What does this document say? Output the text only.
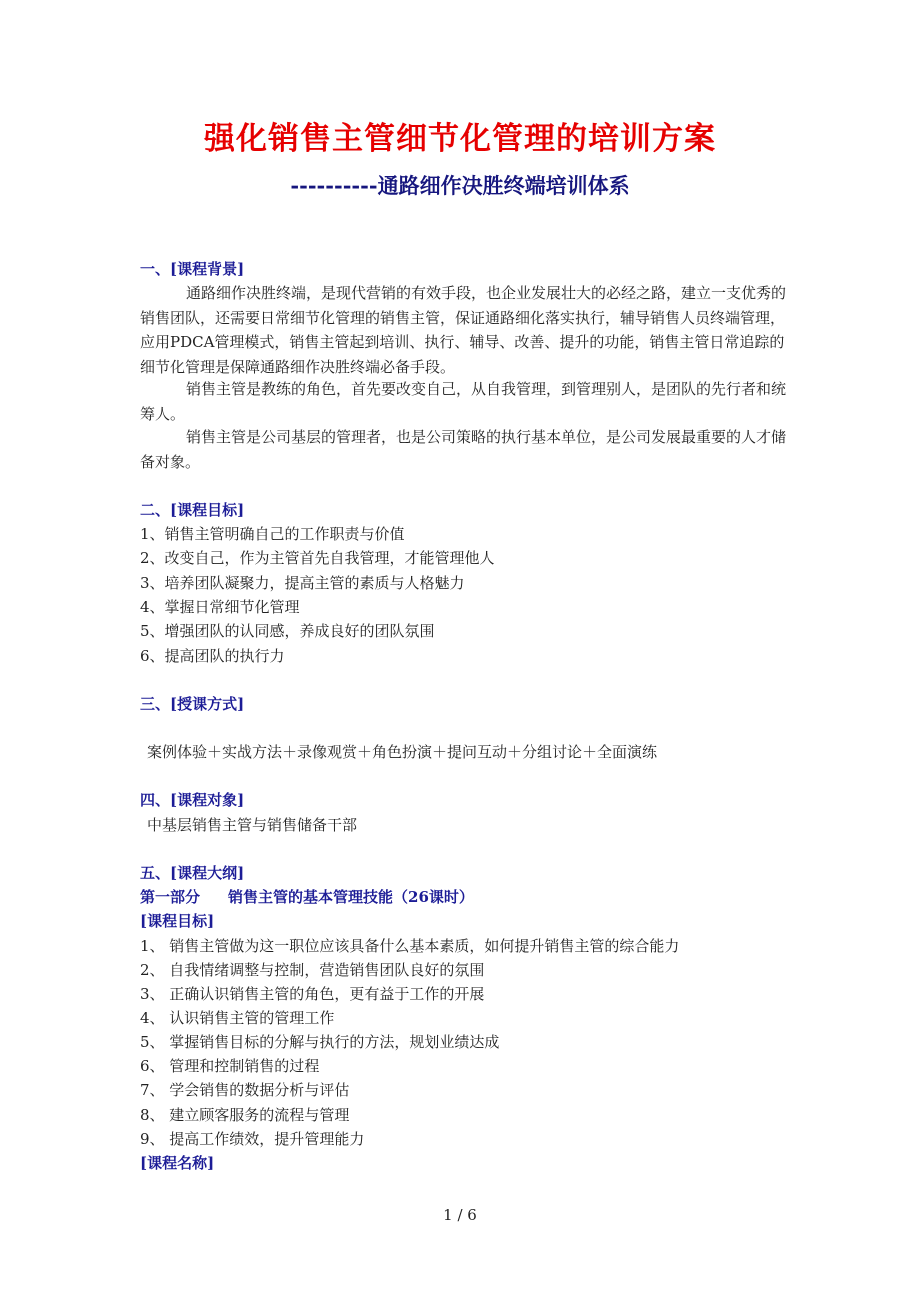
强化销售主管细节化管理的培训方案
----------通路细作决胜终端培训体系
一、[课程背景]
通路细作决胜终端，是现代营销的有效手段，也企业发展壮大的必经之路，建立一支优秀的销售团队，还需要日常细节化管理的销售主管，保证通路细化落实执行，辅导销售人员终端管理，应用PDCA管理模式，销售主管起到培训、执行、辅导、改善、提升的功能，销售主管日常追踪的细节化管理是保障通路细作决胜终端必备手段。
销售主管是教练的角色，首先要改变自己，从自我管理，到管理别人，是团队的先行者和统筹人。
销售主管是公司基层的管理者，也是公司策略的执行基本单位，是公司发展最重要的人才储备对象。
二、[课程目标]
1、销售主管明确自己的工作职责与价值
2、改变自己，作为主管首先自我管理，才能管理他人
3、培养团队凝聚力，提高主管的素质与人格魅力
4、掌握日常细节化管理
5、增强团队的认同感，养成良好的团队氛围
6、提高团队的执行力
三、[授课方式]
案例体验＋实战方法＋录像观赏＋角色扮演＋提问互动＋分组讨论＋全面演练
四、[课程对象]
中基层销售主管与销售储备干部
五、[课程大纲]
第一部分 销售主管的基本管理技能（26课时）
[课程目标]
1、 销售主管做为这一职位应该具备什么基本素质，如何提升销售主管的综合能力
2、 自我情绪调整与控制，营造销售团队良好的氛围
3、 正确认识销售主管的角色，更有益于工作的开展
4、 认识销售主管的管理工作
5、 掌握销售目标的分解与执行的方法，规划业绩达成
6、 管理和控制销售的过程
7、 学会销售的数据分析与评估
8、 建立顾客服务的流程与管理
9、 提高工作绩效，提升管理能力
[课程名称]
1 / 6
